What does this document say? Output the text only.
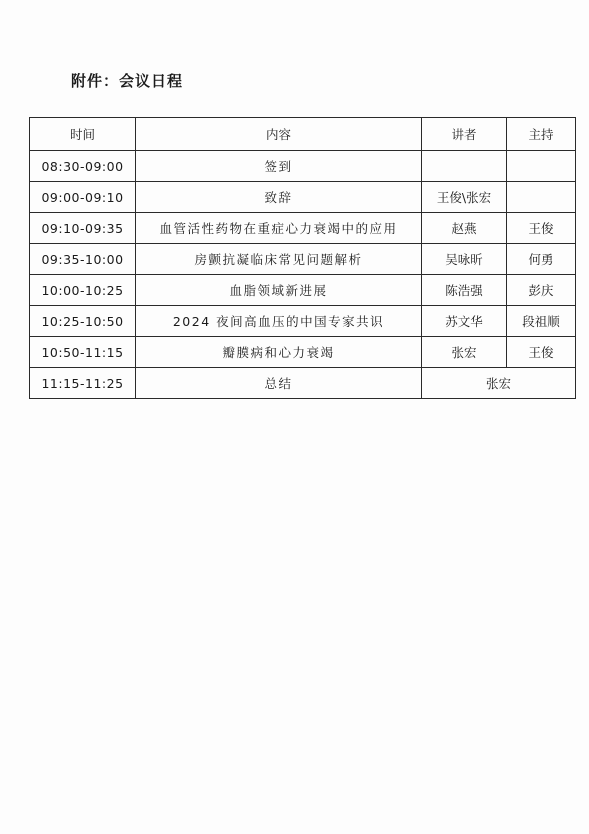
附件：会议日程
时间	内容	讲者	主持
08:30-09:00	签到		
09:00-09:10	致辞	王俊\张宏	
09:10-09:35	血管活性药物在重症心力衰竭中的应用	赵燕	王俊
09:35-10:00	房颤抗凝临床常见问题解析	吴咏昕	何勇
10:00-10:25	血脂领域新进展	陈浩强	彭庆
10:25-10:50	2024 夜间高血压的中国专家共识	苏文华	段祖顺
10:50-11:15	瓣膜病和心力衰竭	张宏	王俊
11:15-11:25	总结	张宏	
